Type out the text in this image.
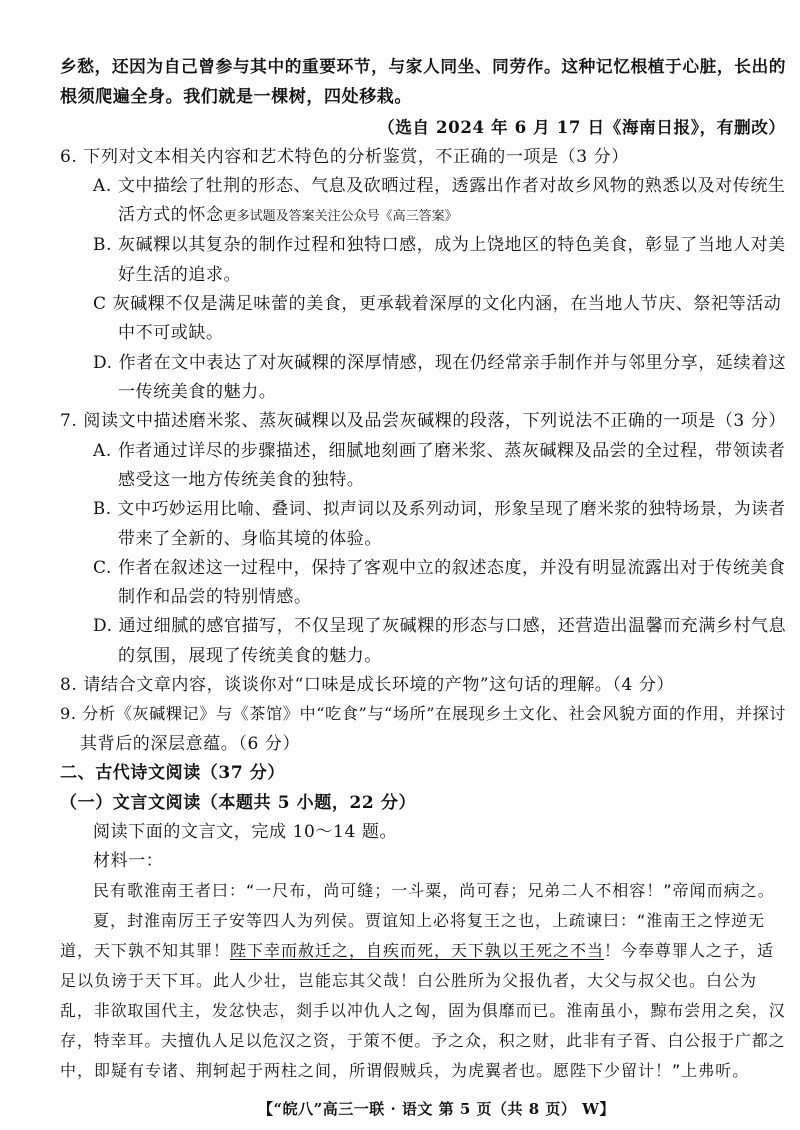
乡愁，还因为自己曾参与其中的重要环节，与家人同坐、同劳作。这种记忆根植于心脏，长出的
根须爬遍全身。我们就是一棵树，四处移栽。
（选自 2024 年 6 月 17 日《海南日报》，有删改）
6. 下列对文本相关内容和艺术特色的分析鉴赏，不正确的一项是（3 分）
A. 文中描绘了牡荆的形态、气息及砍晒过程，透露出作者对故乡风物的熟悉以及对传统生
活方式的怀念更多试题及答案关注公众号《高三答案》
B. 灰碱粿以其复杂的制作过程和独特口感，成为上饶地区的特色美食，彰显了当地人对美
好生活的追求。
C 灰碱粿不仅是满足味蕾的美食，更承载着深厚的文化内涵，在当地人节庆、祭祀等活动
中不可或缺。
D. 作者在文中表达了对灰碱粿的深厚情感，现在仍经常亲手制作并与邻里分享，延续着这
一传统美食的魅力。
7. 阅读文中描述磨米浆、蒸灰碱粿以及品尝灰碱粿的段落，下列说法不正确的一项是（3 分）
A. 作者通过详尽的步骤描述，细腻地刻画了磨米浆、蒸灰碱粿及品尝的全过程，带领读者
感受这一地方传统美食的独特。
B. 文中巧妙运用比喻、叠词、拟声词以及系列动词，形象呈现了磨米浆的独特场景，为读者
带来了全新的、身临其境的体验。
C. 作者在叙述这一过程中，保持了客观中立的叙述态度，并没有明显流露出对于传统美食
制作和品尝的特别情感。
D. 通过细腻的感官描写，不仅呈现了灰碱粿的形态与口感，还营造出温馨而充满乡村气息
的氛围，展现了传统美食的魅力。
8. 请结合文章内容，谈谈你对“口味是成长环境的产物”这句话的理解。（4 分）
9. 分析《灰碱粿记》与《茶馆》中“吃食”与“场所”在展现乡土文化、社会风貌方面的作用，并探讨
其背后的深层意蕴。（6 分）
二、古代诗文阅读（37 分）
（一）文言文阅读（本题共 5 小题，22 分）
阅读下面的文言文，完成 10～14 题。
材料一：
民有歌淮南王者曰：“一尺布，尚可缝；一斗粟，尚可舂；兄弟二人不相容！”帝闻而病之。
夏，封淮南厉王子安等四人为列侯。贾谊知上必将复王之也，上疏谏曰：“淮南王之悖逆无
道，天下孰不知其罪！陛下幸而赦迁之，自疾而死，天下孰以王死之不当！今奉尊罪人之子，适
足以负谤于天下耳。此人少壮，岂能忘其父哉！白公胜所为父报仇者，大父与叔父也。白公为
乱，非欲取国代主，发忿快志，剡手以冲仇人之匈，固为俱靡而已。淮南虽小，黥布尝用之矣，汉
存，特幸耳。夫擅仇人足以危汉之资，于策不便。予之众，积之财，此非有子胥、白公报于广都之
中，即疑有专诸、荆轲起于两柱之间，所谓假贼兵，为虎翼者也。愿陛下少留计！”上弗听。
【“皖八”高三一联 · 语文 第 5 页（共 8 页） W】
